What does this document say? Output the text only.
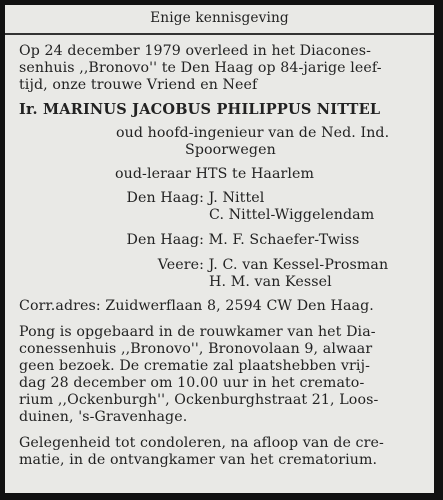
Enige kennisgeving
Op 24 december 1979 overleed in het Diacones-
senhuis ,,Bronovo'' te Den Haag op 84-jarige leef-
tijd, onze trouwe Vriend en Neef
Ir. MARINUS JACOBUS PHILIPPUS NITTEL
oud hoofd-ingenieur van de Ned. Ind.
Spoorwegen
oud-leraar HTS te Haarlem
Den Haag: J. Nittel
C. Nittel-Wiggelendam
Den Haag: M. F. Schaefer-Twiss
Veere: J. C. van Kessel-Prosman
H. M. van Kessel
Corr.adres: Zuidwerflaan 8, 2594 CW Den Haag.
Pong is opgebaard in de rouwkamer van het Dia-
conessenhuis ,,Bronovo'', Bronovolaan 9, alwaar
geen bezoek. De crematie zal plaatshebben vrij-
dag 28 december om 10.00 uur in het cremato-
rium ,,Ockenburgh'', Ockenburghstraat 21, Loos-
duinen, 's-Gravenhage.
Gelegenheid tot condoleren, na afloop van de cre-
matie, in de ontvangkamer van het crematorium.
